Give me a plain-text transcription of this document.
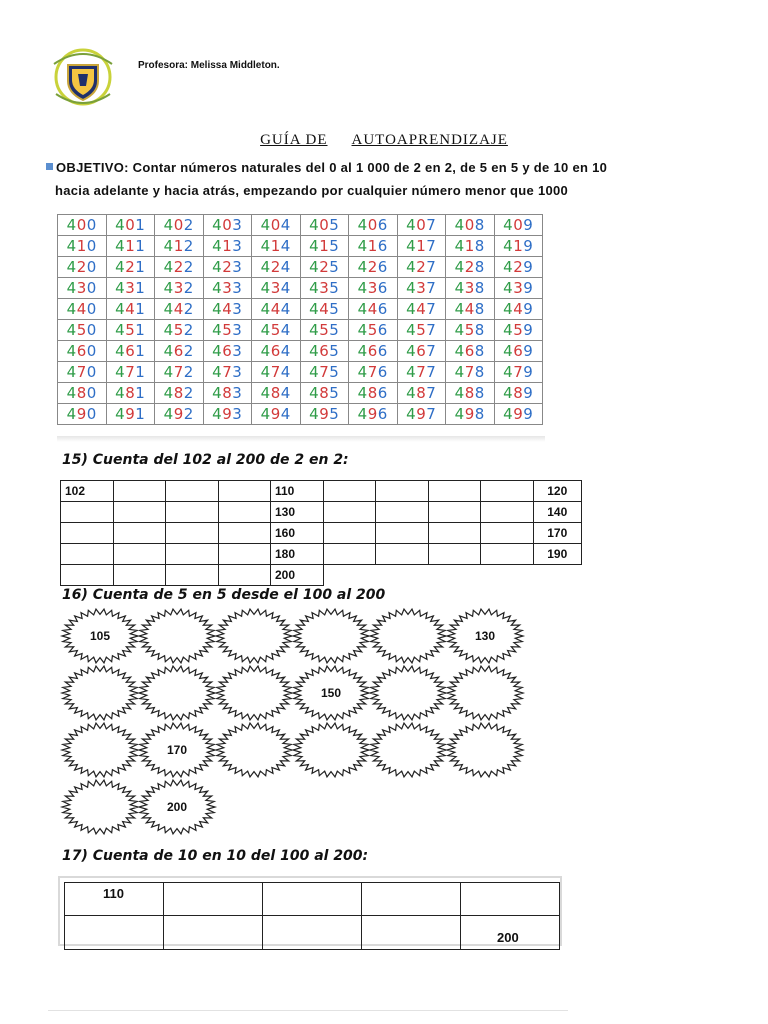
Profesora: Melissa Middleton.
GUÍA DE AUTOAPRENDIZAJE
OBJETIVO: Contar números naturales del 0 al 1 000 de 2 en 2, de 5 en 5 y de 10 en 10
hacia adelante y hacia atrás, empezando por cualquier número menor que 1000
400	401	402	403	404	405	406	407	408	409
410	411	412	413	414	415	416	417	418	419
420	421	422	423	424	425	426	427	428	429
430	431	432	433	434	435	436	437	438	439
440	441	442	443	444	445	446	447	448	449
450	451	452	453	454	455	456	457	458	459
460	461	462	463	464	465	466	467	468	469
470	471	472	473	474	475	476	477	478	479
480	481	482	483	484	485	486	487	488	489
490	491	492	493	494	495	496	497	498	499
15) Cuenta del 102 al 200 de 2 en 2:
102				110					120
				130					140
				160					170
				180					190
				200					
16) Cuenta de 5 en 5 desde el 100 al 200
105	130
150
170
200
17) Cuenta de 10 en 10 del 100 al 200:
110				
				200
